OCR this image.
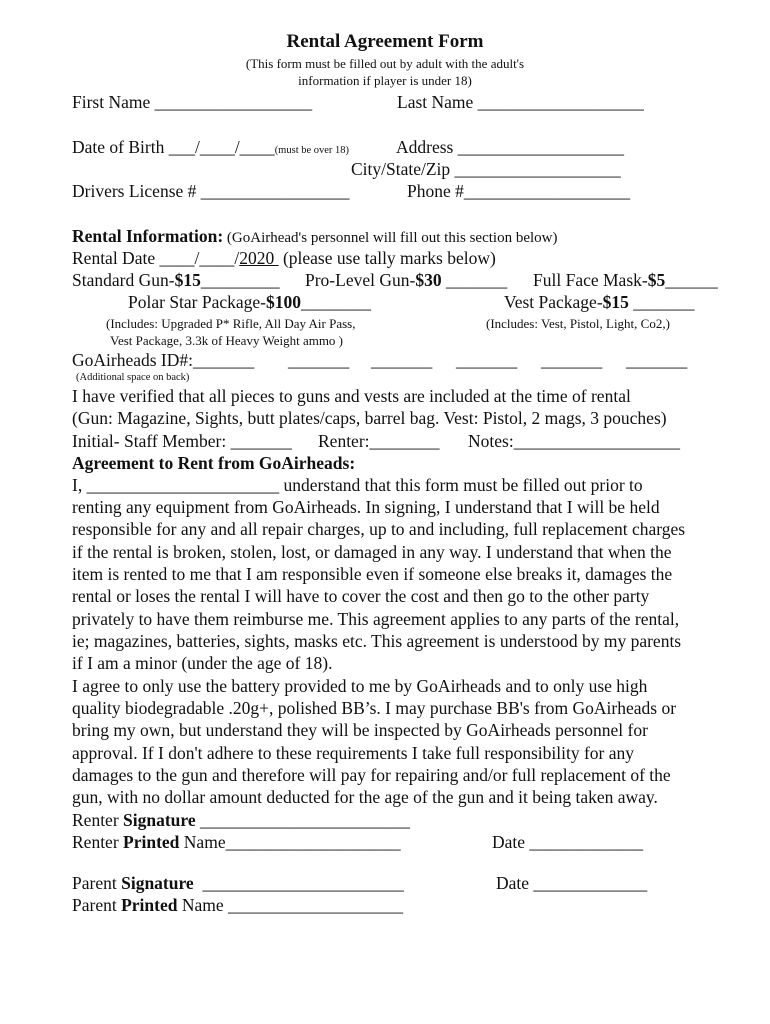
Rental Agreement Form
(This form must be filled out by adult with the adult's
information if player is under 18)
First Name __________________	Last Name ___________________
Date of Birth ___/____/____(must be over 18)	Address ___________________
City/State/Zip ___________________
Drivers License # _________________	Phone #___________________
Rental Information: (GoAirhead's personnel will fill out this section below)
Rental Date ____/____/2020  (please use tally marks below)
Standard Gun-$15_________ Pro-Level Gun-$30 _______ Full Face Mask-$5______
Polar Star Package-$100________	Vest Package-$15 _______
(Includes: Upgraded P* Rifle, All Day Air Pass,	(Includes: Vest, Pistol, Light, Co2,)
Vest Package, 3.3k of Heavy Weight ammo )
GoAirheads ID#:_______ _______ _______ _______ _______ _______
(Additional space on back)
I have verified that all pieces to guns and vests are included at the time of rental
(Gun: Magazine, Sights, butt plates/caps, barrel bag. Vest: Pistol, 2 mags, 3 pouches)
Initial- Staff Member: _______ Renter:________ Notes:___________________
Agreement to Rent from GoAirheads:
I, ______________________ understand that this form must be filled out prior to
renting any equipment from GoAirheads. In signing, I understand that I will be held
responsible for any and all repair charges, up to and including, full replacement charges
if the rental is broken, stolen, lost, or damaged in any way. I understand that when the
item is rented to me that I am responsible even if someone else breaks it, damages the
rental or loses the rental I will have to cover the cost and then go to the other party
privately to have them reimburse me. This agreement applies to any parts of the rental,
ie; magazines, batteries, sights, masks etc. This agreement is understood by my parents
if I am a minor (under the age of 18).
I agree to only use the battery provided to me by GoAirheads and to only use high
quality biodegradable .20g+, polished BB’s. I may purchase BB's from GoAirheads or
bring my own, but understand they will be inspected by GoAirheads personnel for
approval. If I don't adhere to these requirements I take full responsibility for any
damages to the gun and therefore will pay for repairing and/or full replacement of the
gun, with no dollar amount deducted for the age of the gun and it being taken away.
Renter Signature ________________________
Renter Printed Name____________________	Date _____________
Parent Signature  _______________________	Date _____________
Parent Printed Name ____________________
